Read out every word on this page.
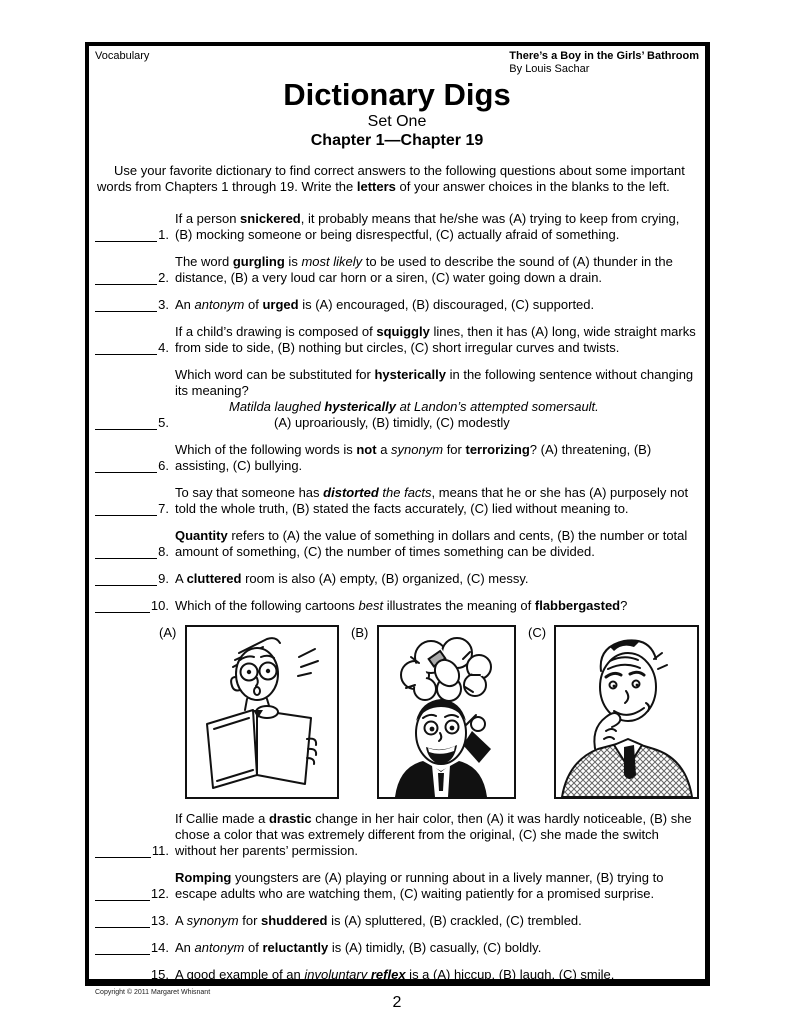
Vocabulary	There’s a Boy in the Girls’ Bathroom
By Louis Sachar
Dictionary Digs
Set One
Chapter 1—Chapter 19
Use your favorite dictionary to find correct answers to the following questions about some important words from Chapters 1 through 19. Write the letters of your answer choices in the blanks to the left.
1.
If a person snickered, it probably means that he/she was (A) trying to keep from crying, (B) mocking someone or being disrespectful, (C) actually afraid of something.
2.
The word gurgling is most likely to be used to describe the sound of (A) thunder in the distance, (B) a very loud car horn or a siren, (C) water going down a drain.
3. An antonym of urged is (A) encouraged, (B) discouraged, (C) supported.
4.
If a child’s drawing is composed of squiggly lines, then it has (A) long, wide straight marks from side to side, (B) nothing but circles, (C) short irregular curves and twists.
5.
Which word can be substituted for hysterically in the following sentence without changing its meaning?
Matilda laughed hysterically at Landon’s attempted somersault.
(A) uproariously, (B) timidly, (C) modestly
6.
Which of the following words is not a synonym for terrorizing? (A) threatening, (B) assisting, (C) bullying.
7.
To say that someone has distorted the facts, means that he or she has (A) purposely not told the whole truth, (B) stated the facts accurately, (C) lied without meaning to.
8.
Quantity refers to (A) the value of something in dollars and cents, (B) the number or total amount of something, (C) the number of times something can be divided.
9. A cluttered room is also (A) empty, (B) organized, (C) messy.
10. Which of the following cartoons best illustrates the meaning of flabbergasted?
(A)	(B)	(C)
11.
If Callie made a drastic change in her hair color, then (A) it was hardly noticeable, (B) she chose a color that was extremely different from the original, (C) she made the switch without her parents’ permission.
12.
Romping youngsters are (A) playing or running about in a lively manner, (B) trying to escape adults who are watching them, (C) waiting patiently for a promised surprise.
13. A synonym for shuddered is (A) spluttered, (B) crackled, (C) trembled.
14. An antonym of reluctantly is (A) timidly, (B) casually, (C) boldly.
15. A good example of an involuntary reflex is a (A) hiccup, (B) laugh, (C) smile.
Copyright © 2011 Margaret Whisnant
2
